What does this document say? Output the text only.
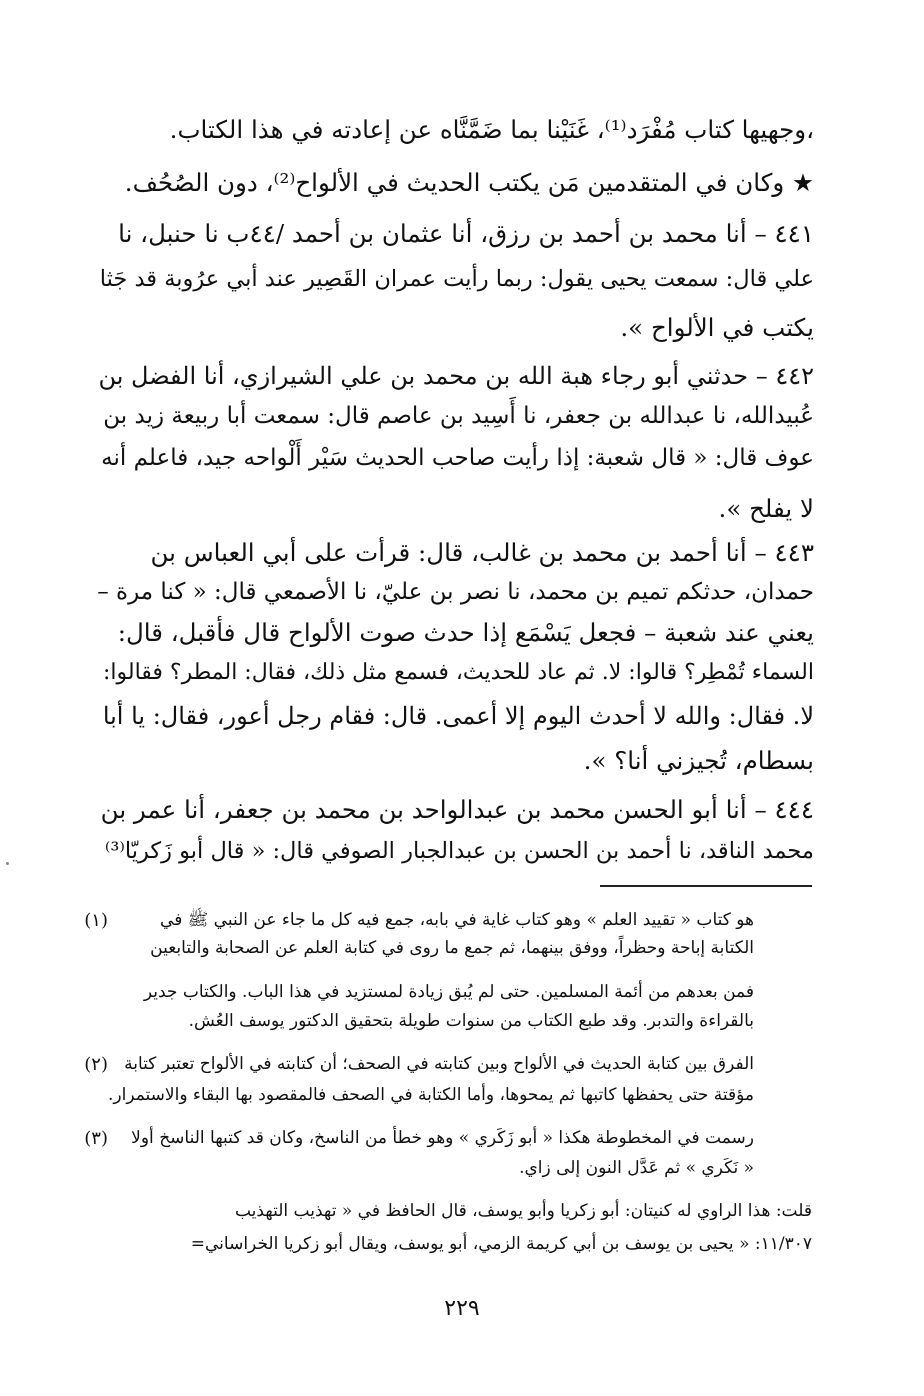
،وجهيها كتاب مُفْرَد⁽¹⁾، غَنَيْنا بما ضَمَّنَّاه عن إعادته في هذا الكتاب.
★ وكان في المتقدمين مَن يكتب الحديث في الألواح⁽²⁾، دون الصُحُف.
٤٤١ – أنا محمد بن أحمد بن رزق، أنا عثمان بن أحمد /٤٤ب نا حنبل، نا
علي قال: سمعت يحيى يقول: ربما رأيت عمران القَصِير عند أبي عرُوبة قد جَثا
يكتب في الألواح ».
٤٤٢ – حدثني أبو رجاء هبة الله بن محمد بن علي الشيرازي، أنا الفضل بن
عُبيدالله، نا عبدالله بن جعفر، نا أَسِيد بن عاصم قال: سمعت أبا ربيعة زيد بن
عوف قال: « قال شعبة: إذا رأيت صاحب الحديث سَيْر أَلْواحه جيد، فاعلم أنه
لا يفلح ».
٤٤٣ – أنا أحمد بن محمد بن غالب، قال: قرأت على أبي العباس بن
حمدان، حدثكم تميم بن محمد، نا نصر بن عليّ، نا الأصمعي قال: « كنا مرة –
يعني عند شعبة – فجعل يَسْمَع إذا حدث صوت الألواح قال فأقبل، قال:
السماء تُمْطِر؟ قالوا: لا. ثم عاد للحديث، فسمع مثل ذلك، فقال: المطر؟ فقالوا:
لا. فقال: والله لا أحدث اليوم إلا أعمى. قال: فقام رجل أعور، فقال: يا أبا
بسطام، تُجيزني أنا؟ ».
٤٤٤ – أنا أبو الحسن محمد بن عبدالواحد بن محمد بن جعفر، أنا عمر بن
محمد الناقد، نا أحمد بن الحسن بن عبدالجبار الصوفي قال: « قال أبو زَكريّا⁽³⁾
(١)	هو كتاب « تقييد العلم » وهو كتاب غاية في بابه، جمع فيه كل ما جاء عن النبي ﷺ في
الكتابة إباحة وحظراً، ووفق بينهما، ثم جمع ما روى في كتابة العلم عن الصحابة والتابعين
فمن بعدهم من أئمة المسلمين. حتى لم يُبق زيادة لمستزيد في هذا الباب. والكتاب جدير
بالقراءة والتدبر. وقد طبع الكتاب من سنوات طويلة بتحقيق الدكتور يوسف العُش.
(٢) الفرق بين كتابة الحديث في الألواح وبين كتابته في الصحف؛ أن كتابته في الألواح تعتبر كتابة
مؤقتة حتى يحفظها كاتبها ثم يمحوها، وأما الكتابة في الصحف فالمقصود بها البقاء والاستمرار.
(٣) رسمت في المخطوطة هكذا « أبو زَكَري » وهو خطأ من الناسخ، وكان قد كتبها الناسخ أولا
« نَكَري » ثم عَدَّل النون إلى زاي.
قلت: هذا الراوي له كنيتان: أبو زكريا وأبو يوسف، قال الحافظ في « تهذيب التهذيب
١١/٣٠٧: « يحيى بن يوسف بن أبي كريمة الزمي، أبو يوسف، ويقال أبو زكريا الخراساني=
٢٢٩
